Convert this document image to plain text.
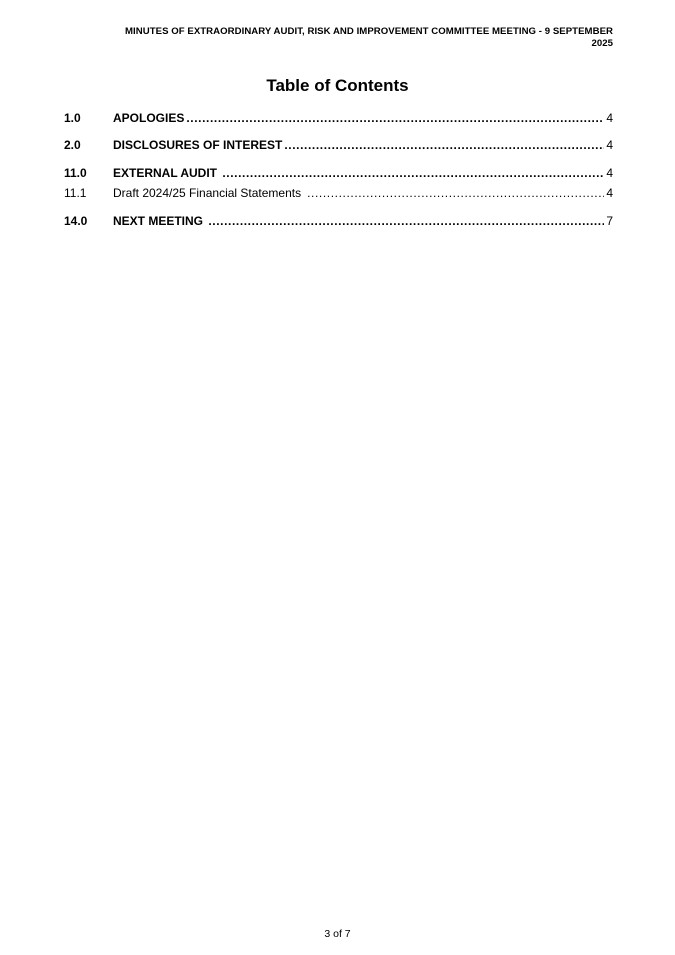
MINUTES OF EXTRAORDINARY AUDIT, RISK AND IMPROVEMENT COMMITTEE MEETING - 9 SEPTEMBER
2025
Table of Contents
1.0	APOLOGIES .....	4
2.0	DISCLOSURES OF INTEREST .....	4
11.0	EXTERNAL AUDIT .....	4
11.1	Draft 2024/25 Financial Statements .....	4
14.0	NEXT MEETING .....	7
3 of 7
